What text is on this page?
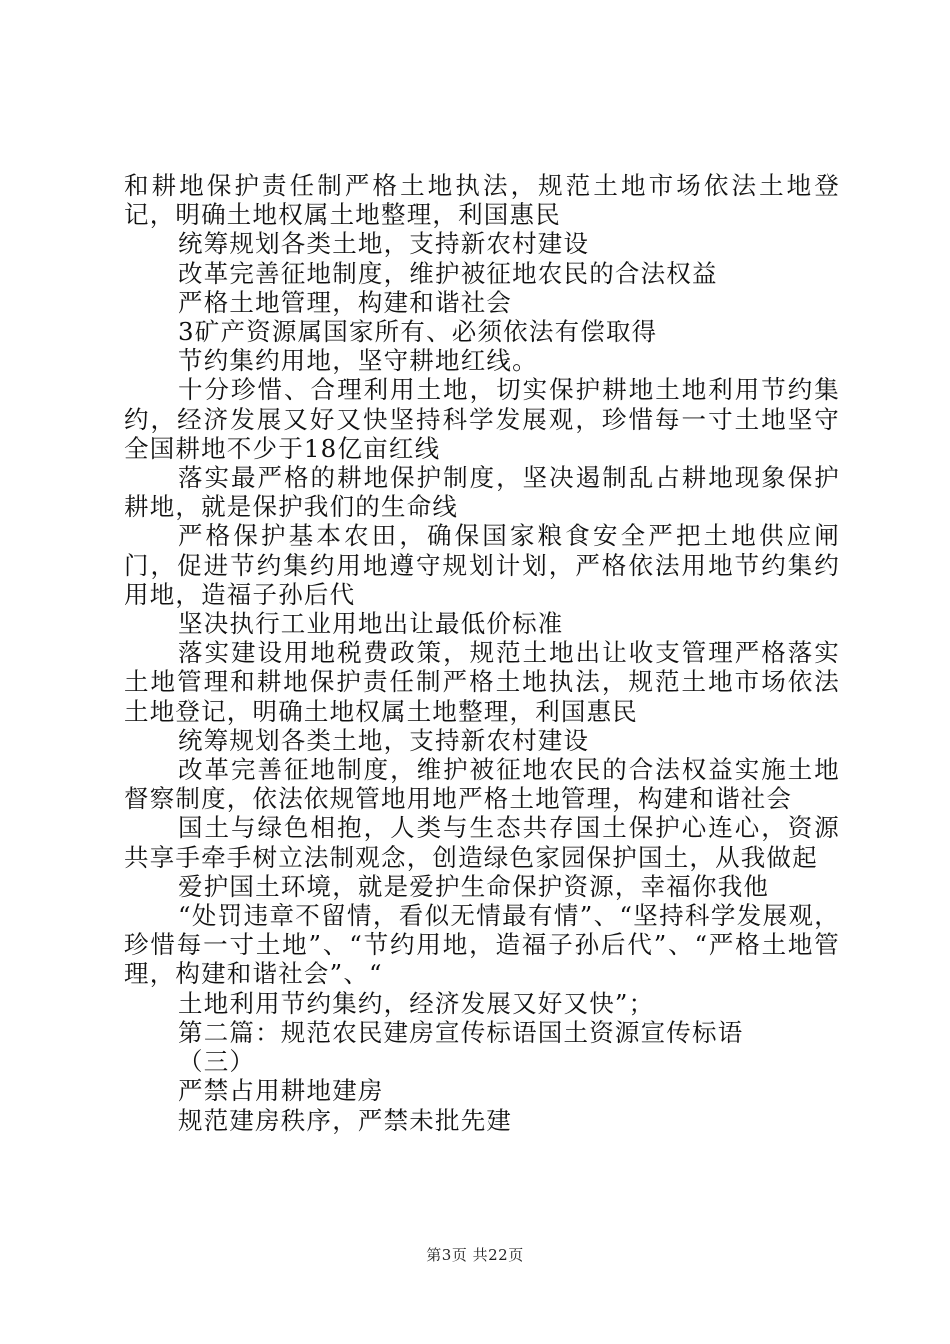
和耕地保护责任制严格土地执法，规范土地市场依法土地登记，明确土地权属土地整理，利国惠民

统筹规划各类土地，支持新农村建设

改革完善征地制度，维护被征地农民的合法权益

严格土地管理，构建和谐社会

3矿产资源属国家所有、必须依法有偿取得

节约集约用地，坚守耕地红线。

十分珍惜、合理利用土地，切实保护耕地土地利用节约集约，经济发展又好又快坚持科学发展观，珍惜每一寸土地坚守全国耕地不少于18亿亩红线

落实最严格的耕地保护制度，坚决遏制乱占耕地现象保护耕地，就是保护我们的生命线

严格保护基本农田，确保国家粮食安全严把土地供应闸门，促进节约集约用地遵守规划计划，严格依法用地节约集约用地，造福子孙后代

坚决执行工业用地出让最低价标准

落实建设用地税费政策，规范土地出让收支管理严格落实土地管理和耕地保护责任制严格土地执法，规范土地市场依法土地登记，明确土地权属土地整理，利国惠民

统筹规划各类土地，支持新农村建设

改革完善征地制度，维护被征地农民的合法权益实施土地督察制度，依法依规管地用地严格土地管理，构建和谐社会

国土与绿色相抱，人类与生态共存国土保护心连心，资源共享手牵手树立法制观念，创造绿色家园保护国土，从我做起

爱护国土环境，就是爱护生命保护资源，幸福你我他

“处罚违章不留情，看似无情最有情”、“坚持科学发展观，珍惜每一寸土地”、“节约用地，造福子孙后代”、“严格土地管理，构建和谐社会”、“

土地利用节约集约，经济发展又好又快”；

第二篇：规范农民建房宣传标语国土资源宣传标语

（三）

严禁占用耕地建房

规范建房秩序，严禁未批先建

第3页 共22页
